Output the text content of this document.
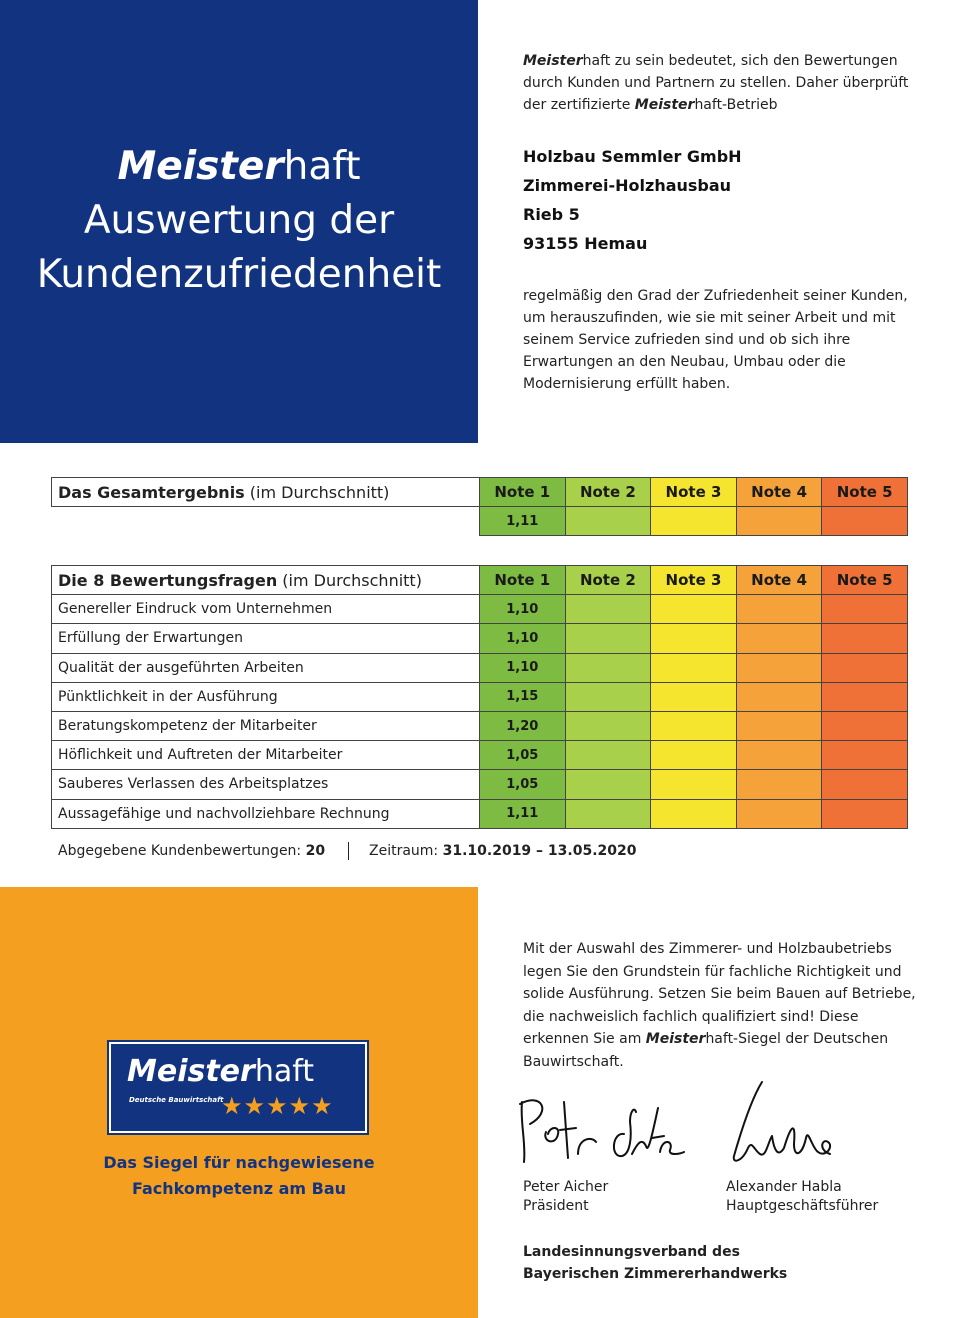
Meisterhaft
Auswertung der
Kundenzufriedenheit
Meisterhaft zu sein bedeutet, sich den Bewertungen durch Kunden und Partnern zu stellen. Daher überprüft der zertifizierte Meisterhaft-Betrieb
Holzbau Semmler GmbH
Zimmerei-Holzhausbau
Rieb 5
93155 Hemau
regelmäßig den Grad der Zufriedenheit seiner Kunden, um herauszufinden, wie sie mit seiner Arbeit und mit seinem Service zufrieden sind und ob sich ihre Erwartungen an den Neubau, Umbau oder die Modernisierung erfüllt haben.
Das Gesamtergebnis (im Durchschnitt)	Note 1	Note 2	Note 3	Note 4	Note 5
	1,11				
Die 8 Bewertungsfragen (im Durchschnitt)	Note 1	Note 2	Note 3	Note 4	Note 5
Genereller Eindruck vom Unternehmen	1,10				
Erfüllung der Erwartungen	1,10				
Qualität der ausgeführten Arbeiten	1,10				
Pünktlichkeit in der Ausführung	1,15				
Beratungskompetenz der Mitarbeiter	1,20				
Höflichkeit und Auftreten der Mitarbeiter	1,05				
Sauberes Verlassen des Arbeitsplatzes	1,05				
Aussagefähige und nachvollziehbare Rechnung	1,11				
Abgegebene Kundenbewertungen: 20	Zeitraum: 31.10.2019 – 13.05.2020
Meisterhaft
Deutsche Bauwirtschaft
★★★★★
Das Siegel für nachgewiesene
Fachkompetenz am Bau
Mit der Auswahl des Zimmerer- und Holzbaubetriebs legen Sie den Grundstein für fachliche Richtigkeit und solide Ausführung. Setzen Sie beim Bauen auf Betriebe, die nachweislich fachlich qualifiziert sind! Diese erkennen Sie am Meisterhaft-Siegel der Deutschen Bauwirtschaft.
Peter Aicher
Präsident
Alexander Habla
Hauptgeschäftsführer
Landesinnungsverband des
Bayerischen Zimmererhandwerks
